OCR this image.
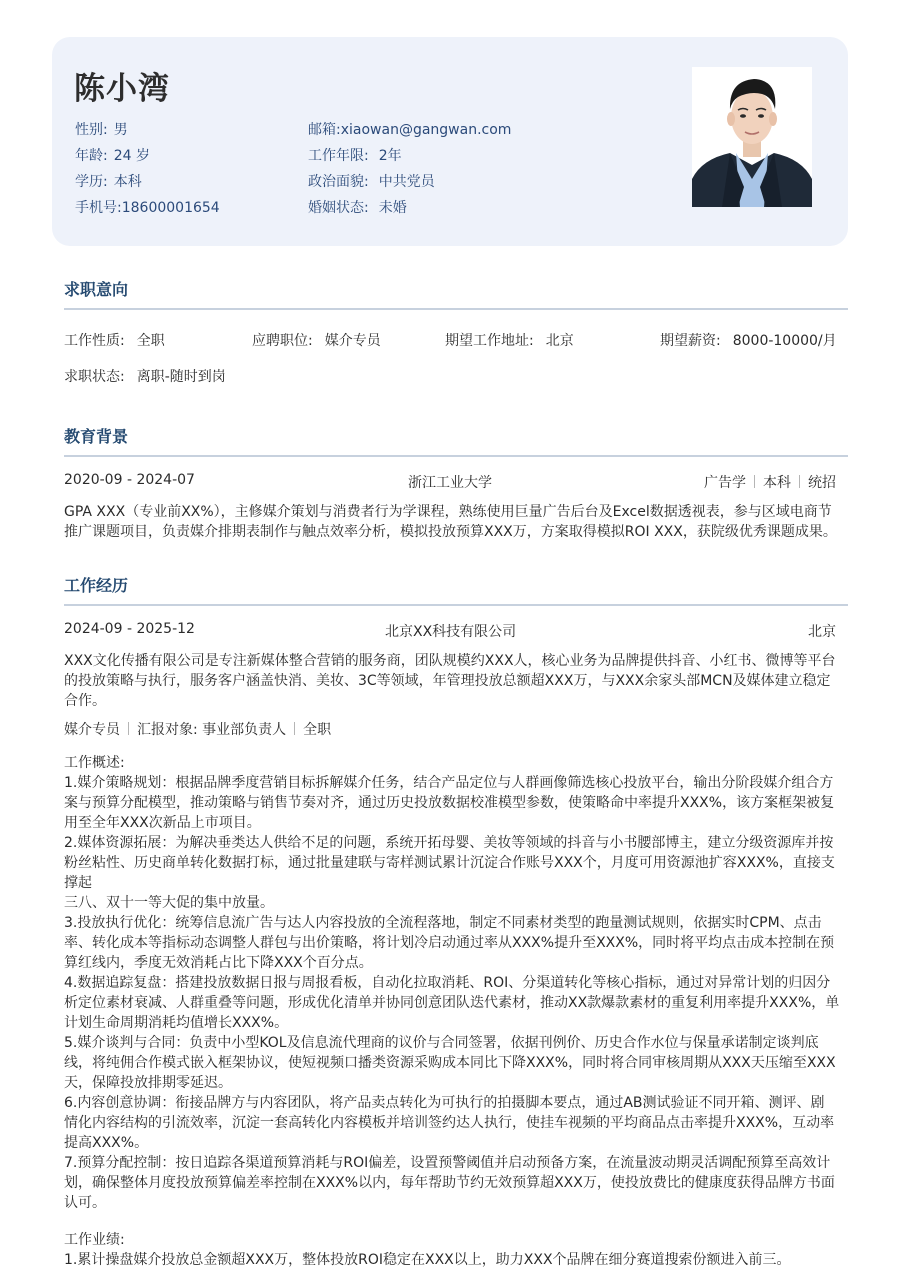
陈小湾
性别: 男
年龄: 24 岁
学历: 本科
手机号:18600001654
邮箱:xiaowan@gangwan.com
工作年限: 2年
政治面貌: 中共党员
婚姻状态: 未婚
求职意向
工作性质: 全职	应聘职位: 媒介专员	期望工作地址: 北京	期望薪资: 8000-10000/月
求职状态: 离职-随时到岗
教育背景
2020-09 - 2024-07	浙江工业大学	广告学 本科 统招
GPA XXX（专业前XX%），主修媒介策划与消费者行为学课程，熟练使用巨量广告后台及Excel数据透视表，参与区域电商节
推广课题项目，负责媒介排期表制作与触点效率分析，模拟投放预算XXX万，方案取得模拟ROI XXX，获院级优秀课题成果。
工作经历
2024-09 - 2025-12	北京XX科技有限公司	北京
XXX文化传播有限公司是专注新媒体整合营销的服务商，团队规模约XXX人，核心业务为品牌提供抖音、小红书、微博等平台
的投放策略与执行，服务客户涵盖快消、美妆、3C等领域，年管理投放总额超XXX万，与XXX余家头部MCN及媒体建立稳定
合作。
媒介专员 汇报对象: 事业部负责人 全职
工作概述:
1.媒介策略规划：根据品牌季度营销目标拆解媒介任务，结合产品定位与人群画像筛选核心投放平台，输出分阶段媒介组合方
案与预算分配模型，推动策略与销售节奏对齐，通过历史投放数据校准模型参数，使策略命中率提升XXX%，该方案框架被复
用至全年XXX次新品上市项目。
2.媒体资源拓展：为解决垂类达人供给不足的问题，系统开拓母婴、美妆等领域的抖音与小书腰部博主，建立分级资源库并按
粉丝粘性、历史商单转化数据打标，通过批量建联与寄样测试累计沉淀合作账号XXX个，月度可用资源池扩容XXX%，直接支
撑起
三八、双十一等大促的集中放量。
3.投放执行优化：统筹信息流广告与达人内容投放的全流程落地，制定不同素材类型的跑量测试规则，依据实时CPM、点击
率、转化成本等指标动态调整人群包与出价策略，将计划冷启动通过率从XXX%提升至XXX%，同时将平均点击成本控制在预
算红线内，季度无效消耗占比下降XXX个百分点。
4.数据追踪复盘：搭建投放数据日报与周报看板，自动化拉取消耗、ROI、分渠道转化等核心指标，通过对异常计划的归因分
析定位素材衰减、人群重叠等问题，形成优化清单并协同创意团队迭代素材，推动XX款爆款素材的重复利用率提升XXX%，单
计划生命周期消耗均值增长XXX%。
5.媒介谈判与合同：负责中小型KOL及信息流代理商的议价与合同签署，依据刊例价、历史合作水位与保量承诺制定谈判底
线，将纯佣合作模式嵌入框架协议，使短视频口播类资源采购成本同比下降XXX%，同时将合同审核周期从XXX天压缩至XXX
天，保障投放排期零延迟。
6.内容创意协调：衔接品牌方与内容团队，将产品卖点转化为可执行的拍摄脚本要点，通过AB测试验证不同开箱、测评、剧
情化内容结构的引流效率，沉淀一套高转化内容模板并培训签约达人执行，使挂车视频的平均商品点击率提升XXX%，互动率
提高XXX%。
7.预算分配控制：按日追踪各渠道预算消耗与ROI偏差，设置预警阈值并启动预备方案，在流量波动期灵活调配预算至高效计
划，确保整体月度投放预算偏差率控制在XXX%以内，每年帮助节约无效预算超XXX万，使投放费比的健康度获得品牌方书面
认可。
工作业绩:
1.累计操盘媒介投放总金额超XXX万，整体投放ROI稳定在XXX以上，助力XXX个品牌在细分赛道搜索份额进入前三。
